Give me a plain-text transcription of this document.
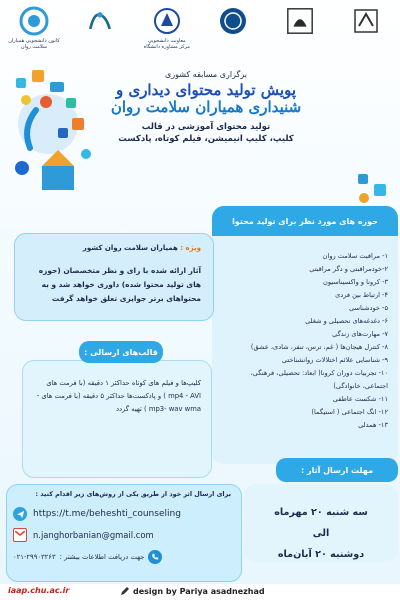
کانون دانشجویی همیاران
سلامت روان
معاونت دانشجویی
مرکز مشاوره دانشگاه
برگزاری مسابقه کشوری
پویش تولید محتوای دیداری و
شنیداری همیاران سلامت روان
تولید محتوای آموزشی در قالب
کلیپ، کلیپ انیمیشن، فیلم کوتاه، پادکست
حوزه های مورد نظر برای تولید محتوا
۱- مراقبت سلامت روان
۲-خودمراقبتی و دگر مراقبتی
۳- کرونا و واکسیناسیون
۴- ارتباط بین فردی
۵- خودشناسی
۶- دغدغه‌های تحصیلی و شغلی
۷- مهارت‌های زندگی
۸- کنترل هیجان‌ها ( غم، ترس، تنفر، شادی، عشق)
۹- شناسایی علائم اختلالات روانشناختی
۱۰- تجربیات دوران کرونا( ابعاد: تحصیلی، فرهنگی،
اجتماعی، خانوادگی)
۱۱- شکست عاطفی
۱۲- انگ اجتماعی ( استیگما)
۱۳- همدلی
ویژه : همیاران سلامت روان کشور
آثار ارائه شده با رای و نظر متخصصان (حوزه های تولید محتوا شده) داوری خواهد شد و به محتواهای برتر جوایزی تعلق خواهد گرفت
قالب‌های ارسالی :
کلیپ‌ها و فیلم های کوتاه حداکثر ۱ دقیقه (با فرمت های mp4 - AVI ) و پادکست‌ها حداکثر ۵ دقیقه (با فرمت های - mp3- wav wma ) تهیه گردد
مهلت ارسال آثار :
سه شنبه ۲۰ مهرماه
الی
دوشنبه ۲۰ آبان‌ماه
برای ارسال اثر خود از طریق یکی از روش‌های زیر اقدام کنید :
https://t.me/beheshti_counseling
n.janghorbanian@gmail.com
جهت دریافت اطلاعات بیشتر :
۰۲۱-۲۹۹۰۳۲۶۳
iaap.chu.ac.ir	design by Pariya asadnezhad
